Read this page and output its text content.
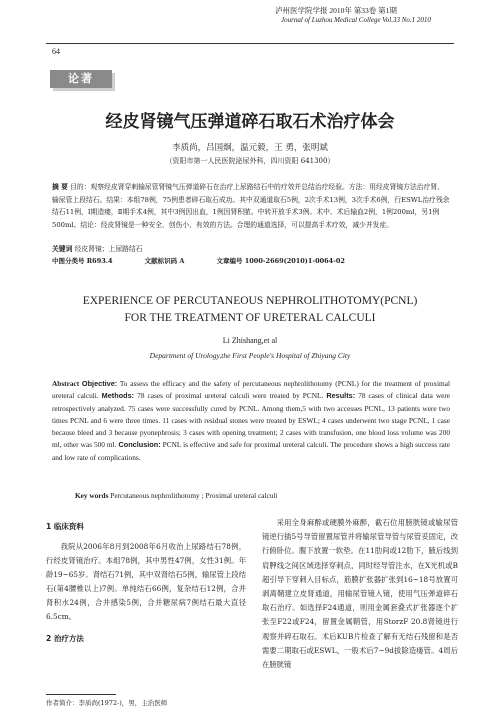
泸州医学院学报 2010年 第33卷 第1期
Journal of Luzhou Medical College Vol.33 No.1 2010
64
论著
经皮肾镜气压弹道碎石取石术治疗体会
李质尚，吕国炯，温元毅，王 勇，张明斌
（资阳市第一人民医院泌尿外科，四川资阳 641300）
摘 要 目的：观察经皮肾穿刺输尿管肾镜气压弹道碎石在治疗上尿路结石中的疗效并总结治疗经验。方法：用经皮肾镜方法治疗肾、输尿管上段结石。结果：本组78例，75例患者碎石取石成功。其中双通道取石5例，2次手术13例，3次手术6例，行ESWL治疗残余结石11例，Ⅰ期造瘘，Ⅱ期手术4例，其中3例因出血，1例因肾积脓。中转开放手术3例。术中、术后输血2例，1例200ml，另1例500ml。结论：经皮肾镜是一种安全、创伤小、有效的方法。合理的通道选择，可以提高手术疗效，减少并发症。
关键词 经皮肾镜；上尿路结石
中图分类号 R693.4	文献标识码 A	文章编号 1000-2669(2010)1-0064-02
EXPERIENCE OF PERCUTANEOUS NEPHROLITHOTOMY(PCNL)
FOR THE TREATMENT OF URETERAL CALCULI
Li Zhishang,et al
Department of Urology,the First People's Hospital of Zhiyang City
Abstract Objective: To assess the efficacy and the safety of percutaneous nephrolithotomy (PCNL) for the treatment of proximal ureteral calculi. Methods: 78 cases of proximal ureteral calculi were treated by PCNL. Results: 78 cases of clinical data were retrospectively analyzed. 75 cases were successfully cured by PCNL. Among them,5 with two accesses PCNL, 13 patients were two times PCNL and 6 were three times. 11 cases with residual stones were treated by ESWL; 4 cases underwent two stage PCNL, 1 case because bleed and 3 because pyonephrosis; 3 cases with opening treatment; 2 cases with transfusion, one blood loss volume was 200 ml, other was 500 ml. Conclusion: PCNL is effective and safe for proximal ureteral calculi. The procedure shows a high success rate and low rate of complications.
Key words Percutaneous nephrolithotomy ; Proximal ureteral calculi
1 临床资料

我院从2006年8月到2008年6月收治上尿路结石78例，行经皮肾镜治疗。本组78例，其中男性47例，女性31例。年龄19~65岁。肾结石71例，其中双肾结石5例，输尿管上段结石(第4腰椎以上)7例。单纯结石66例，复杂结石12例，合并肾积水24例，合并感染5例，合并糖尿病7例结石最大直径6.5cm。

2 治疗方法

采用全身麻醉或硬膜外麻醉，截石位用膀胱镜或输尿管镜逆行插5号导管留置尿管并将输尿管导管与尿管妥固定，改行俯卧位。腹下放置一软垫。在11肋间或12肋下，腋后线到肩胛线之间区域选择穿刺点，同时经导管注水，在X光机或B超引导下穿刺入目标点，筋膜扩张器扩张到16~18号放置可剥离鞘建立皮肾通道，用输尿管镜入镜，使用气压弹道碎石取石治疗。如选择F24通道，则用金属套叠式扩张器逐个扩张至F22或F24，留置金属鞘管，用StorzF 20.8肾镜进行观察并碎石取石。术后KUB片检查了解有无结石残留和是否需要二期取石或ESWL，一般术后7~9d拔除造瘘管。4周后在膀胱镜

作者简介：李质尚(1972-)，男，主治医师
